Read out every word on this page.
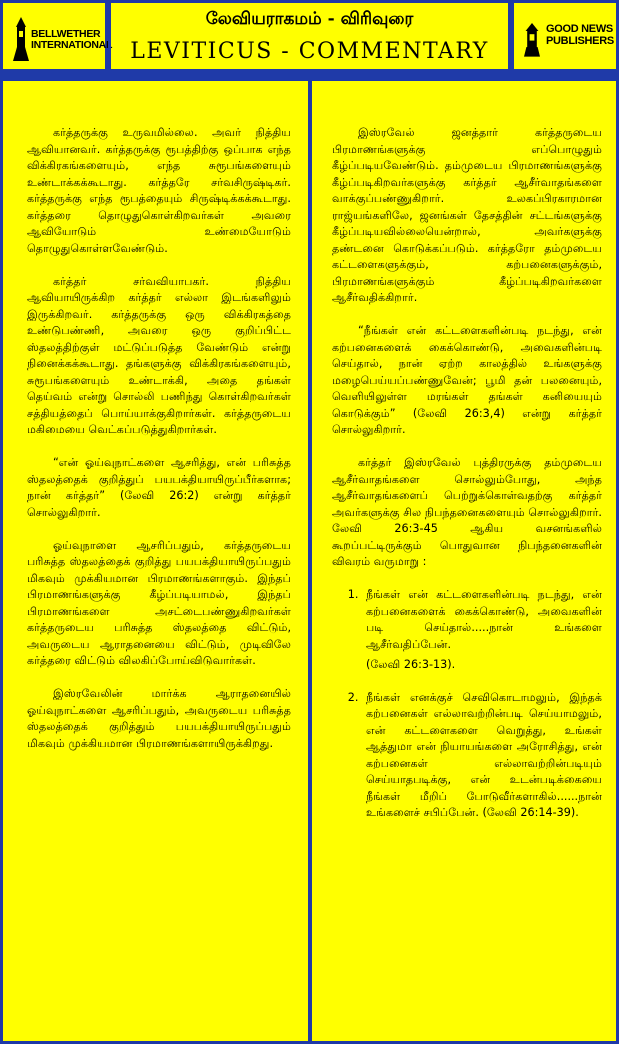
BELLWETHER INTERNATIONAL
லேவியராகமம் - விரிவுரை
LEVITICUS - COMMENTARY
GOOD NEWS PUBLISHERS

கர்த்தருக்கு உருவமில்லை. அவர் நித்திய ஆவியானவர். கர்த்தருக்கு ரூபத்திற்கு ஒப்பாக எந்த விக்கிரகங்களையும், எந்த சுரூபங்களையும் உண்டாக்கக்கூடாது. கர்த்தரே சர்வசிருஷ்டிகர். கர்த்தருக்கு எந்த ரூபத்தையும் சிருஷ்டிக்கக்கூடாது. கர்த்தரை தொழுதுகொள்கிறவர்கள் அவரை ஆவியோடும் உண்மையோடும் தொழுதுகொள்ளவேண்டும்.

கர்த்தர் சர்வவியாபகர். நித்திய ஆவியாயிருக்கிற கர்த்தர் எல்லா இடங்களிலும் இருக்கிறவர். கர்த்தருக்கு ஒரு விக்கிரகத்தை உண்டுபண்ணி, அவரை ஒரு குறிப்பிட்ட ஸ்தலத்திற்குள் மட்டுப்படுத்த வேண்டும் என்று நினைக்கக்கூடாது. தங்களுக்கு விக்கிரகங்களையும், சுரூபங்களையும் உண்டாக்கி, அதை தங்கள் தெய்வம் என்று சொல்லி பணிந்து கொள்கிறவர்கள் சத்தியத்தைப் பொய்யாக்குகிறார்கள். கர்த்தருடைய மகிமையை வெட்கப்படுத்துகிறார்கள்.

“என் ஓய்வுநாட்களை ஆசரித்து, என் பரிசுத்த ஸ்தலத்தைக் குறித்துப் பயபக்தியாயிருப்பீர்களாக; நான் கர்த்தர்” (லேவி 26:2) என்று கர்த்தர் சொல்லுகிறார்.

ஓய்வுநாளை ஆசரிப்பதும், கர்த்தருடைய பரிசுத்த ஸ்தலத்தைக் குறித்து பயபக்தியாயிருப்பதும் மிகவும் முக்கியமான பிரமாணங்களாகும். இந்தப் பிரமாணங்களுக்கு கீழ்ப்படியாமல், இந்தப் பிரமாணங்களை அசட்டைபண்ணுகிறவர்கள் கர்த்தருடைய பரிசுத்த ஸ்தலத்தை விட்டும், அவருடைய ஆராதனையை விட்டும், முடிவிலே கர்த்தரை விட்டும் விலகிப்போய்விடுவார்கள்.

இஸ்ரவேலின் மார்க்க ஆராதனையில் ஓய்வுநாட்களை ஆசரிப்பதும், அவருடைய பரிசுத்த ஸ்தலத்தைக் குறித்தும் பயபக்தியாயிருப்பதும் மிகவும் முக்கியமான பிரமாணங்களாயிருக்கிறது.

இஸ்ரவேல் ஜனத்தார் கர்த்தருடைய பிரமாணங்களுக்கு எப்பொழுதும் கீழ்ப்படியவேண்டும். தம்முடைய பிரமாணங்களுக்கு கீழ்ப்படிகிறவர்களுக்கு கர்த்தர் ஆசீர்வாதங்களை வாக்குப்பண்ணுகிறார். உலகப்பிரகாரமான ராஜ்யங்களிலே, ஜனங்கள் தேசத்தின் சட்டங்களுக்கு கீழ்ப்படியவில்லையென்றால், அவர்களுக்கு தண்டனை கொடுக்கப்படும். கர்த்தரோ தம்முடைய கட்டளைகளுக்கும், கற்பனைகளுக்கும், பிரமாணங்களுக்கும் கீழ்ப்படிகிறவர்களை ஆசீர்வதிக்கிறார்.

“நீங்கள் என் கட்டளைகளின்படி நடந்து, என் கற்பனைகளைக் கைக்கொண்டு, அவைகளின்படி செய்தால், நான் ஏற்ற காலத்தில் உங்களுக்கு மழைபெய்யப்பண்ணுவேன்; பூமி தன் பலனையும், வெளியிலுள்ள மரங்கள் தங்கள் கனியையும் கொடுக்கும்” (லேவி 26:3,4) என்று கர்த்தர் சொல்லுகிறார்.

கர்த்தர் இஸ்ரவேல் புத்திரருக்கு தம்முடைய ஆசீர்வாதங்களை சொல்லும்போது, அந்த ஆசீர்வாதங்களைப் பெற்றுக்கொள்வதற்கு கர்த்தர் அவர்களுக்கு சில நிபந்தனைகளையும் சொல்லுகிறார். லேவி 26:3-45 ஆகிய வசனங்களில் கூறப்பட்டிருக்கும் பொதுவான நிபந்தனைகளின் விவரம் வருமாறு :

1. நீங்கள் என் கட்டளைகளின்படி நடந்து, என் கற்பனைகளைக் கைக்கொண்டு, அவைகளின் படி செய்தால்.....நான் உங்களை ஆசீர்வதிப்பேன்.
(லேவி 26:3-13).
2. நீங்கள் எனக்குச் செவிகொடாமலும், இந்தக் கற்பனைகள் எல்லாவற்றின்படி செய்யாமலும், என் கட்டளைகளை வெறுத்து, உங்கள் ஆத்துமா என் நியாயங்களை அரோசித்து, என் கற்பனைகள் எல்லாவற்றின்படியும் செய்யாதபடிக்கு, என் உடன்படிக்கையை நீங்கள் மீறிப் போடுவீர்களாகில்......நான் உங்களைச் சபிப்பேன். (லேவி 26:14-39).
